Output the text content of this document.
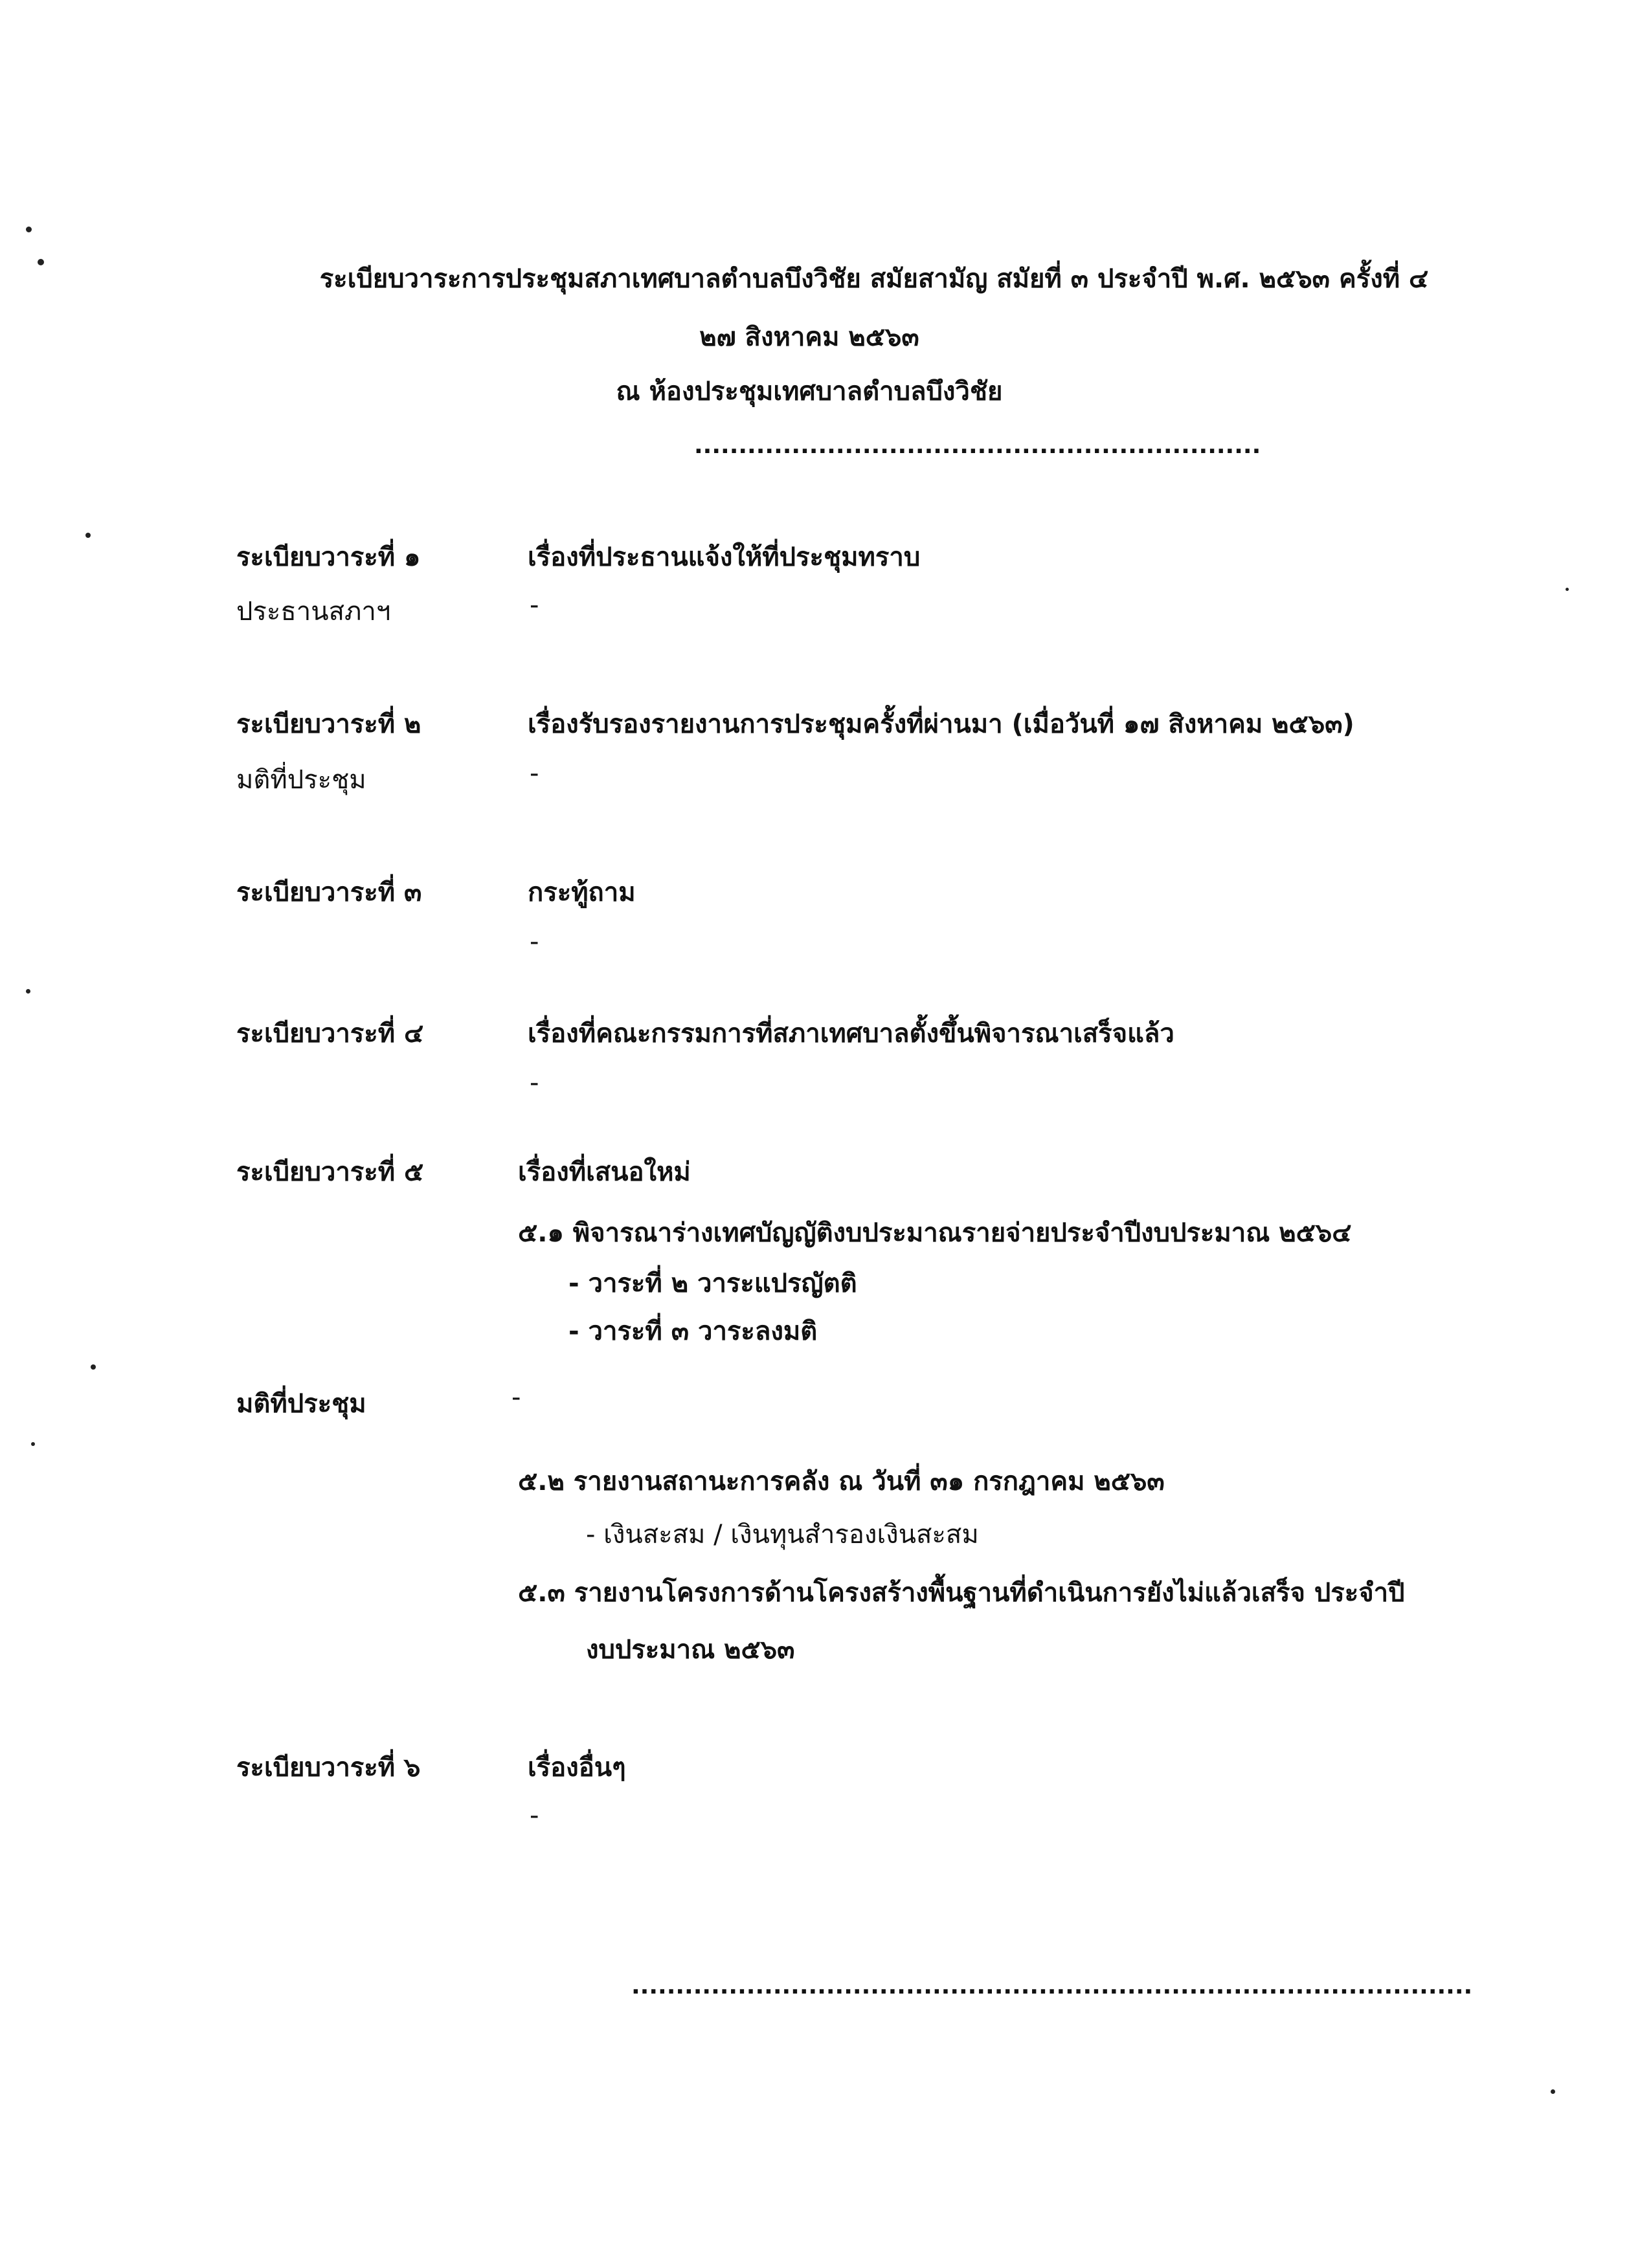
ระเบียบวาระการประชุมสภาเทศบาลตำบลบึงวิชัย สมัยสามัญ สมัยที่ ๓ ประจำปี พ.ศ. ๒๕๖๓ ครั้งที่ ๔
๒๗ สิงหาคม ๒๕๖๓
ณ ห้องประชุมเทศบาลตำบลบึงวิชัย
................................................................
ระเบียบวาระที่ ๑	เรื่องที่ประธานแจ้งให้ที่ประชุมทราบ
ประธานสภาฯ	-
ระเบียบวาระที่ ๒	เรื่องรับรองรายงานการประชุมครั้งที่ผ่านมา (เมื่อวันที่ ๑๗ สิงหาคม ๒๕๖๓)
มติที่ประชุม	-
ระเบียบวาระที่ ๓	กระทู้ถาม
-
ระเบียบวาระที่ ๔	เรื่องที่คณะกรรมการที่สภาเทศบาลตั้งขึ้นพิจารณาเสร็จแล้ว
-
ระเบียบวาระที่ ๕	เรื่องที่เสนอใหม่
๕.๑ พิจารณาร่างเทศบัญญัติงบประมาณรายจ่ายประจำปีงบประมาณ ๒๕๖๔
- วาระที่ ๒ วาระแปรญัตติ
- วาระที่ ๓ วาระลงมติ
มติที่ประชุม	-
๕.๒ รายงานสถานะการคลัง ณ วันที่ ๓๑ กรกฎาคม ๒๕๖๓
- เงินสะสม / เงินทุนสำรองเงินสะสม
๕.๓ รายงานโครงการด้านโครงสร้างพื้นฐานที่ดำเนินการยังไม่แล้วเสร็จ ประจำปี
งบประมาณ ๒๕๖๓
ระเบียบวาระที่ ๖	เรื่องอื่นๆ
-
...............................................................................................
